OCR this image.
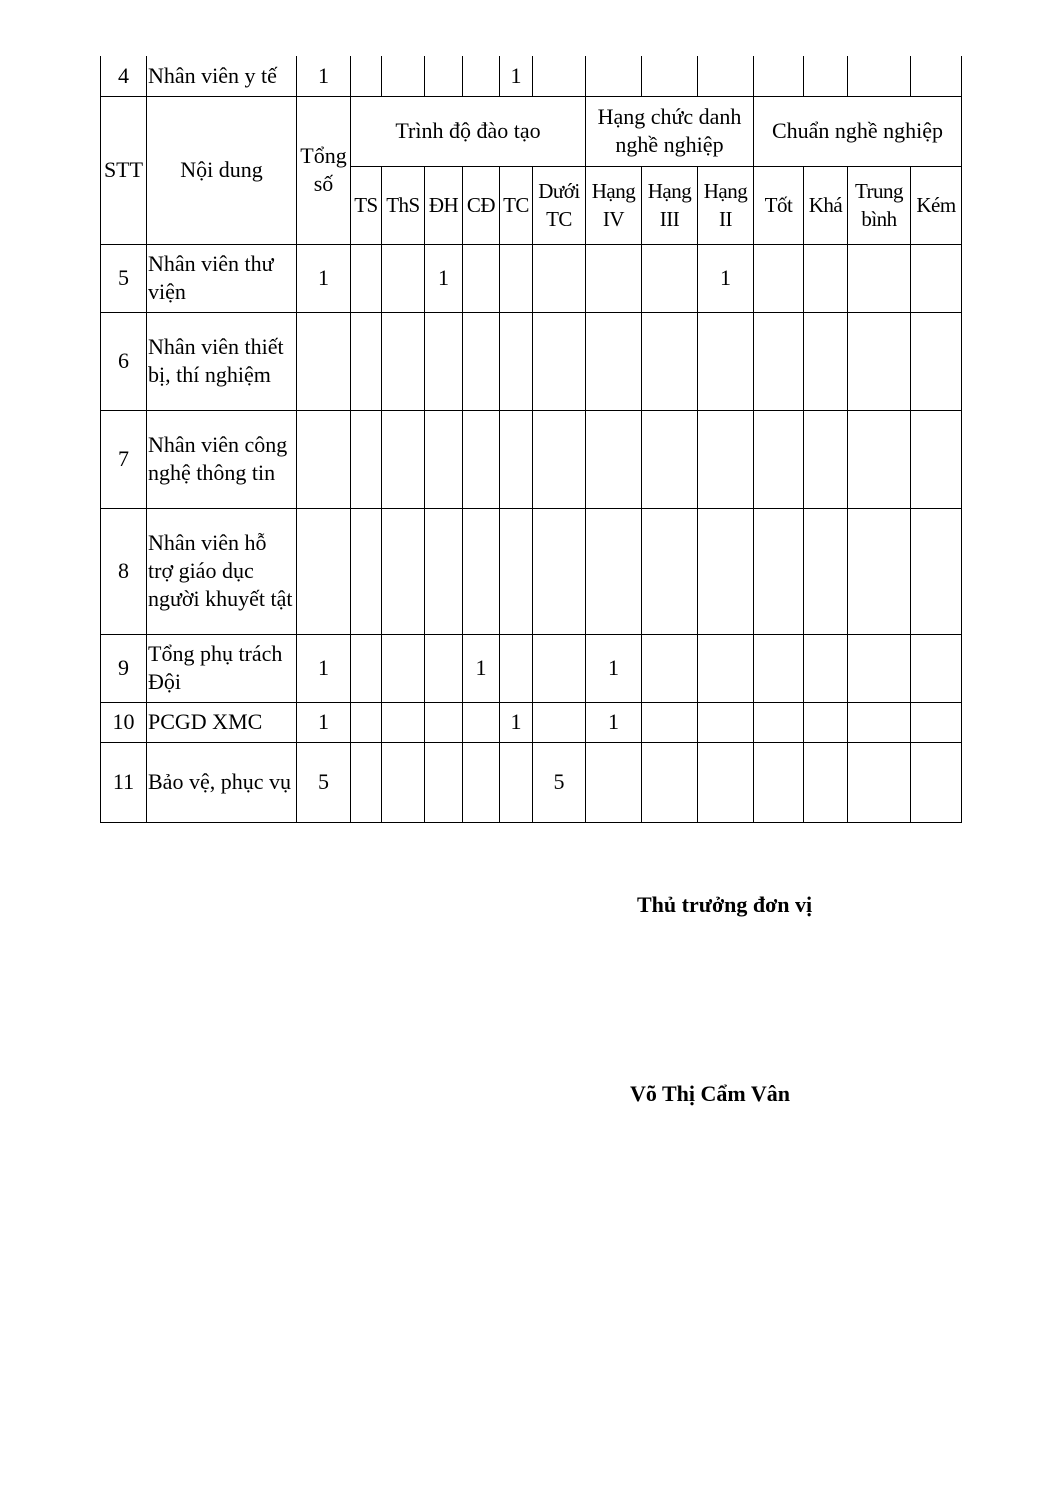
4	Nhân viên y tế	1					1								
STT	Nội dung	Tổng số	Trình độ đào tạo						Hạng chức danh nghề nghiệp			Chuẩn nghề nghiệp			
			TS	ThS	ĐH	CĐ	TC	Dưới TC	Hạng IV	Hạng III	Hạng II	Tốt	Khá	Trung bình	Kém
5	Nhân viên thư viện	1			1						1				
6	Nhân viên thiết bị, thí nghiệm														
7	Nhân viên công nghệ thông tin														
8	Nhân viên hỗ trợ giáo dục người khuyết tật														
9	Tổng phụ trách Đội	1				1			1						
10	PCGD XMC	1					1		1						
11	Bảo vệ, phục vụ	5						5							
Thủ trưởng đơn vị
Võ Thị Cẩm Vân
